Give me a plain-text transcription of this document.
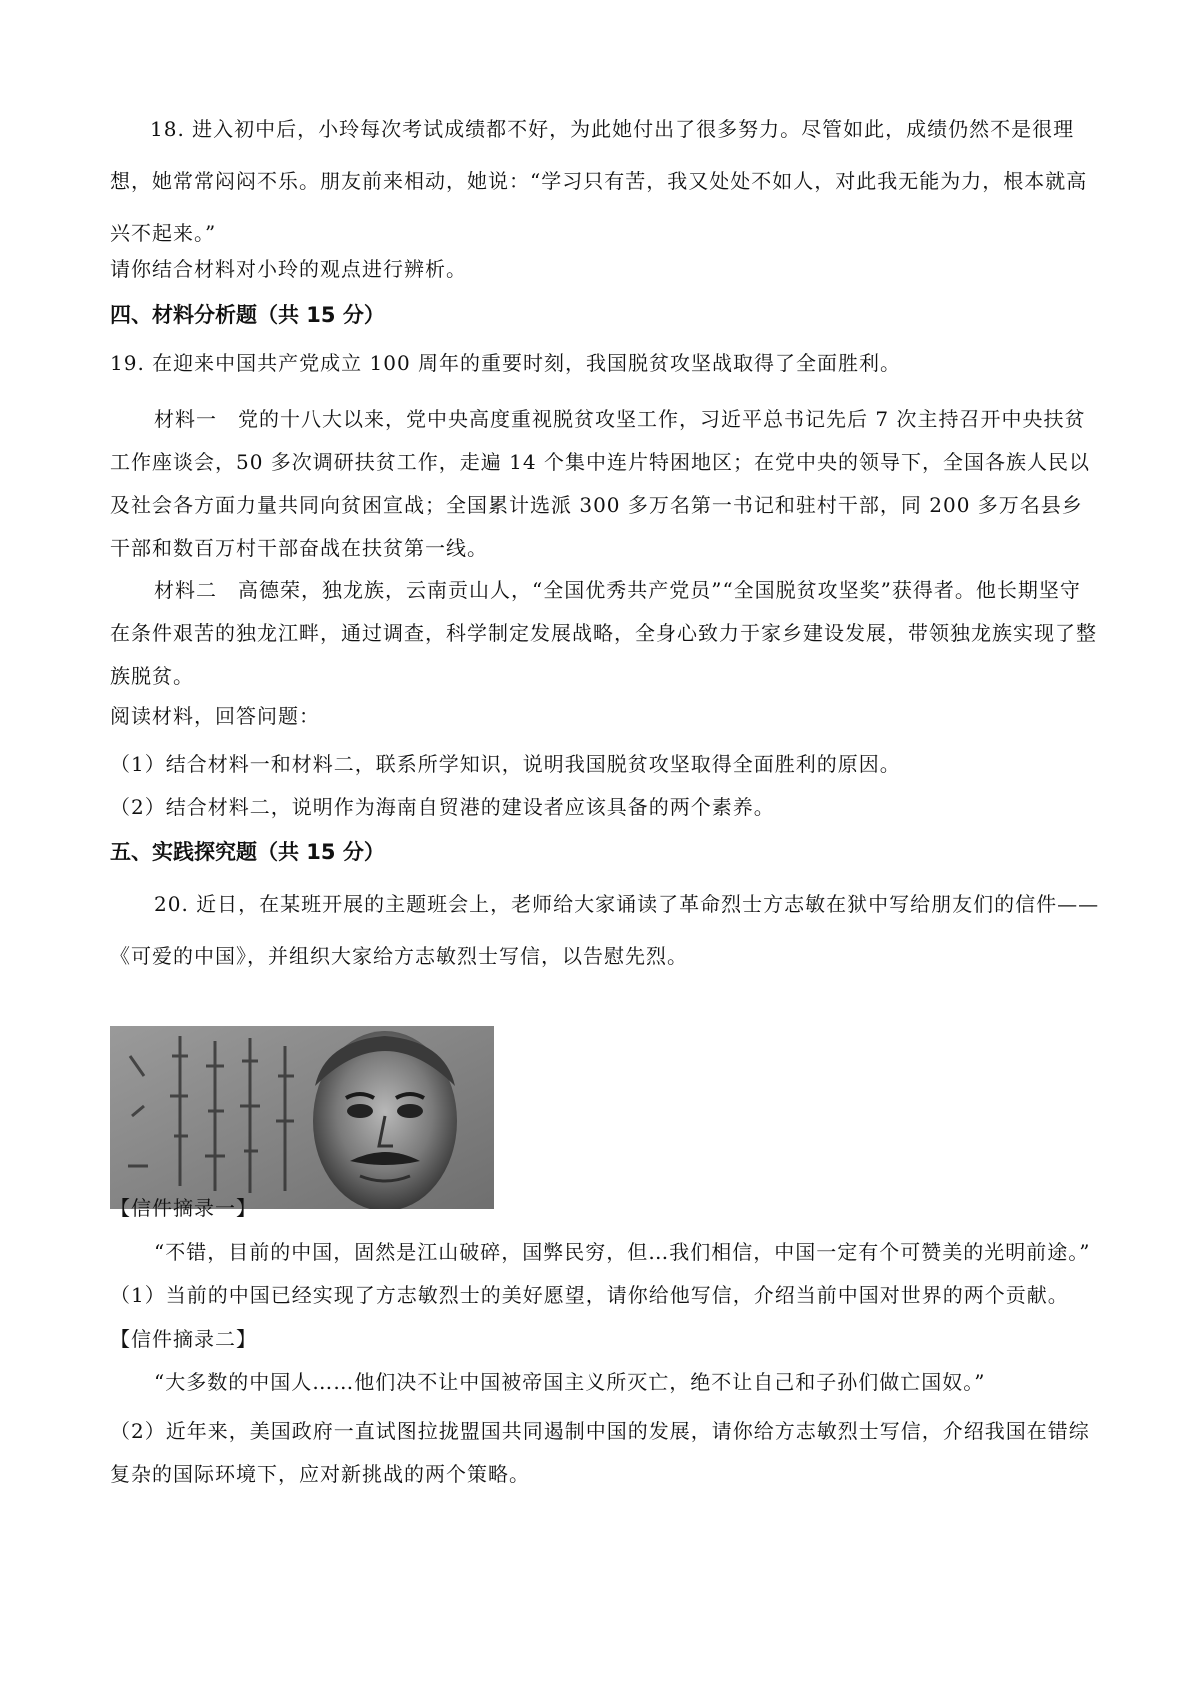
18. 进入初中后，小玲每次考试成绩都不好，为此她付出了很多努力。尽管如此，成绩仍然不是很理想，她常常闷闷不乐。朋友前来相动，她说：“学习只有苦，我又处处不如人，对此我无能为力，根本就高兴不起来。”

请你结合材料对小玲的观点进行辨析。

四、材料分析题（共 15 分）

19. 在迎来中国共产党成立 100 周年的重要时刻，我国脱贫攻坚战取得了全面胜利。

材料一　党的十八大以来，党中央高度重视脱贫攻坚工作，习近平总书记先后 7 次主持召开中央扶贫工作座谈会，50 多次调研扶贫工作，走遍 14 个集中连片特困地区；在党中央的领导下，全国各族人民以及社会各方面力量共同向贫困宣战；全国累计选派 300 多万名第一书记和驻村干部，同 200 多万名县乡干部和数百万村干部奋战在扶贫第一线。

材料二　高德荣，独龙族，云南贡山人，“全国优秀共产党员”“全国脱贫攻坚奖”获得者。他长期坚守在条件艰苦的独龙江畔，通过调查，科学制定发展战略，全身心致力于家乡建设发展，带领独龙族实现了整族脱贫。

阅读材料，回答问题：

（1）结合材料一和材料二，联系所学知识，说明我国脱贫攻坚取得全面胜利的原因。

（2）结合材料二，说明作为海南自贸港的建设者应该具备的两个素养。

五、实践探究题（共 15 分）

20. 近日，在某班开展的主题班会上，老师给大家诵读了革命烈士方志敏在狱中写给朋友们的信件——《可爱的中国》，并组织大家给方志敏烈士写信，以告慰先烈。

【信件摘录一】

“不错，目前的中国，固然是江山破碎，国弊民穷，但…我们相信，中国一定有个可赞美的光明前途。”

（1）当前的中国已经实现了方志敏烈士的美好愿望，请你给他写信，介绍当前中国对世界的两个贡献。

【信件摘录二】

“大多数的中国人……他们决不让中国被帝国主义所灭亡，绝不让自己和子孙们做亡国奴。”

（2）近年来，美国政府一直试图拉拢盟国共同遏制中国的发展，请你给方志敏烈士写信，介绍我国在错综复杂的国际环境下，应对新挑战的两个策略。
